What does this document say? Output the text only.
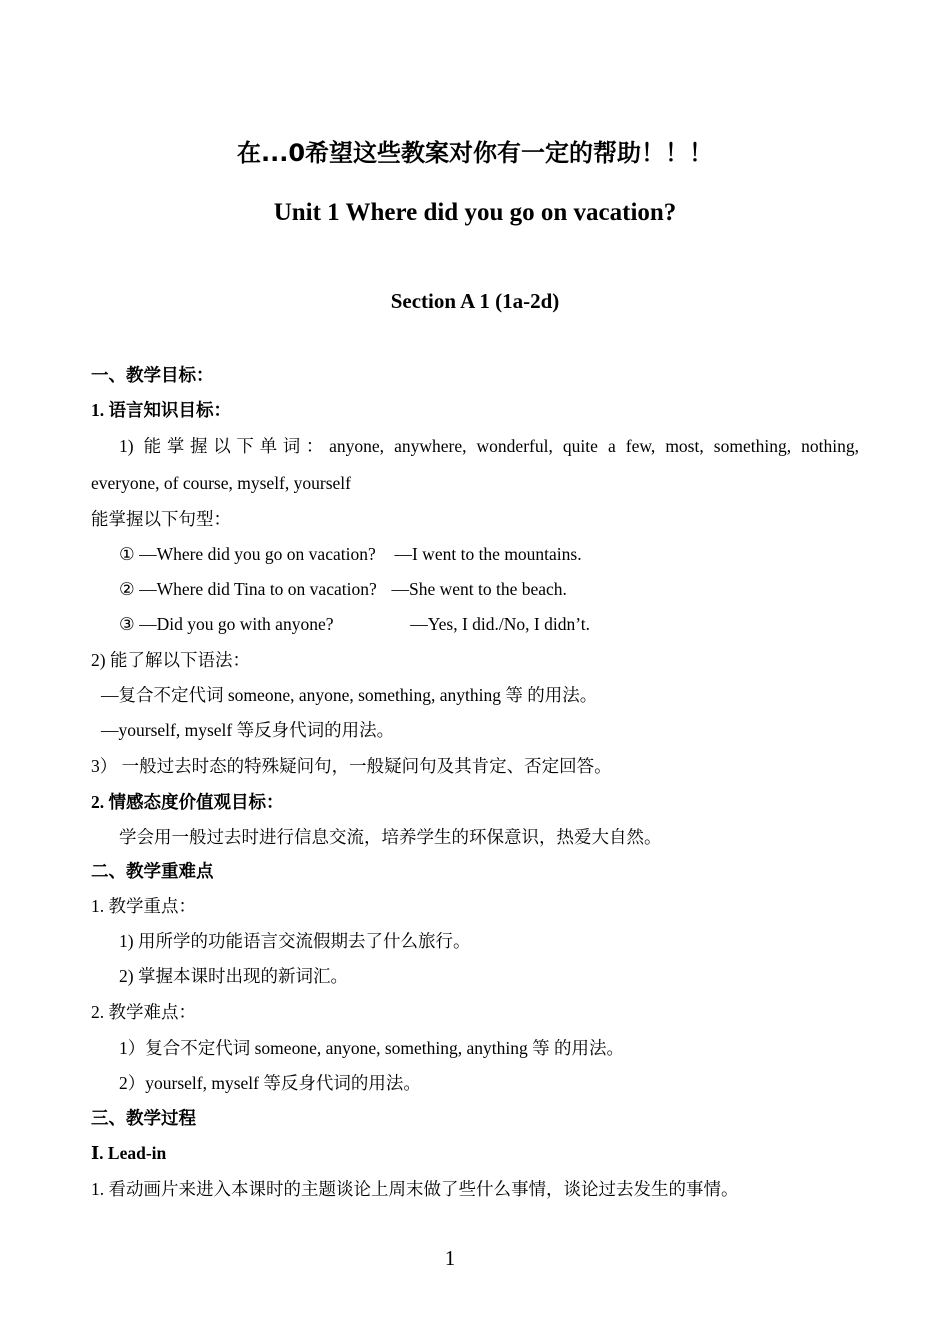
在...0希望这些教案对你有一定的帮助！！！
Unit 1 Where did you go on vacation?
Section A 1 (1a-2d)
一、教学目标：
1. 语言知识目标：
1) 能掌握以下单词：anyone, anywhere, wonderful, quite a few, most, something, nothing,
everyone, of course, myself, yourself
能掌握以下句型：
① —Where did you go on vacation? —I went to the mountains.
② —Where did Tina to on vacation? —She went to the beach.
③ —Did you go with anyone?	—Yes, I did./No, I didn’t.
2) 能了解以下语法：
—复合不定代词 someone, anyone, something, anything 等 的用法。
—yourself, myself 等反身代词的用法。
3） 一般过去时态的特殊疑问句，一般疑问句及其肯定、否定回答。
2. 情感态度价值观目标：
学会用一般过去时进行信息交流，培养学生的环保意识，热爱大自然。
二、教学重难点
1. 教学重点：
1) 用所学的功能语言交流假期去了什么旅行。
2) 掌握本课时出现的新词汇。
2. 教学难点：
1）复合不定代词 someone, anyone, something, anything 等 的用法。
2）yourself, myself 等反身代词的用法。
三、教学过程
Ⅰ. Lead-in
1. 看动画片来进入本课时的主题谈论上周末做了些什么事情，谈论过去发生的事情。
1
